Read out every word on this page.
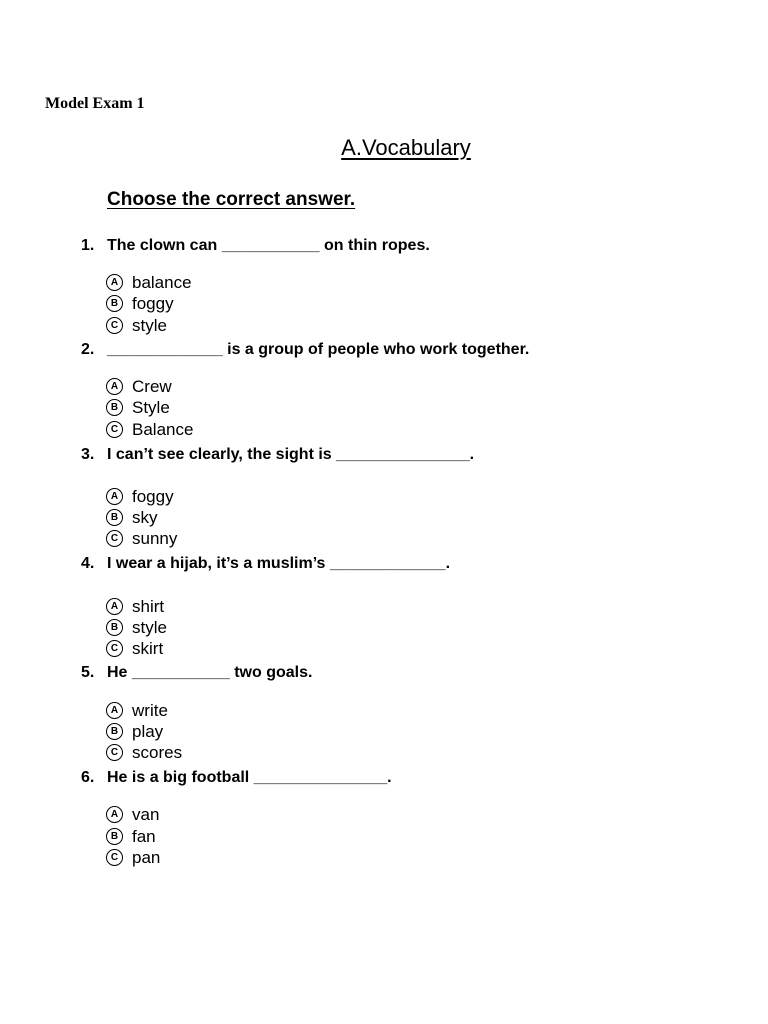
Model Exam 1
A.Vocabulary
Choose the correct answer.
1. The clown can ___________ on thin ropes.
A balance
B foggy
C style
2. _____________ is a group of people who work together.
A Crew
B Style
C Balance
3. I can’t see clearly, the sight is _______________.
A foggy
B sky
C sunny
4. I wear a hijab, it’s a muslim’s _____________.
A shirt
B style
C skirt
5. He ___________ two goals.
A write
B play
C scores
6. He is a big football _______________.
A van
B fan
C pan
